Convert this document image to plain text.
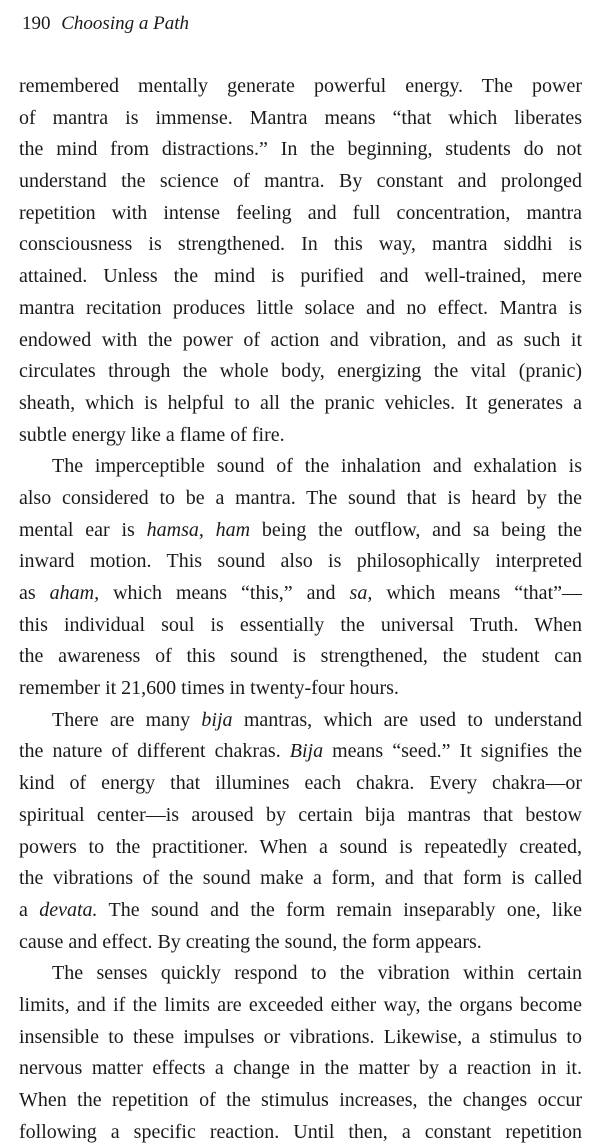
190 Choosing a Path
remembered mentally generate powerful energy. The power
of mantra is immense. Mantra means “that which liberates
the mind from distractions.” In the beginning, students do not
understand the science of mantra. By constant and prolonged
repetition with intense feeling and full concentration, mantra
consciousness is strengthened. In this way, mantra siddhi is
attained. Unless the mind is purified and well-trained, mere
mantra recitation produces little solace and no effect. Mantra is
endowed with the power of action and vibration, and as such it
circulates through the whole body, energizing the vital (pranic)
sheath, which is helpful to all the pranic vehicles. It generates a
subtle energy like a flame of fire.
The imperceptible sound of the inhalation and exhalation is
also considered to be a mantra. The sound that is heard by the
mental ear is hamsa, ham being the outflow, and sa being the
inward motion. This sound also is philosophically interpreted
as aham, which means “this,” and sa, which means “that”—
this individual soul is essentially the universal Truth. When
the awareness of this sound is strengthened, the student can
remember it 21,600 times in twenty-four hours.
There are many bija mantras, which are used to understand
the nature of different chakras. Bija means “seed.” It signifies the
kind of energy that illumines each chakra. Every chakra—or
spiritual center—is aroused by certain bija mantras that bestow
powers to the practitioner. When a sound is repeatedly created,
the vibrations of the sound make a form, and that form is called
a devata. The sound and the form remain inseparably one, like
cause and effect. By creating the sound, the form appears.
The senses quickly respond to the vibration within certain
limits, and if the limits are exceeded either way, the organs become
insensible to these impulses or vibrations. Likewise, a stimulus to
nervous matter effects a change in the matter by a reaction in it.
When the repetition of the stimulus increases, the changes occur
following a specific reaction. Until then, a constant repetition
